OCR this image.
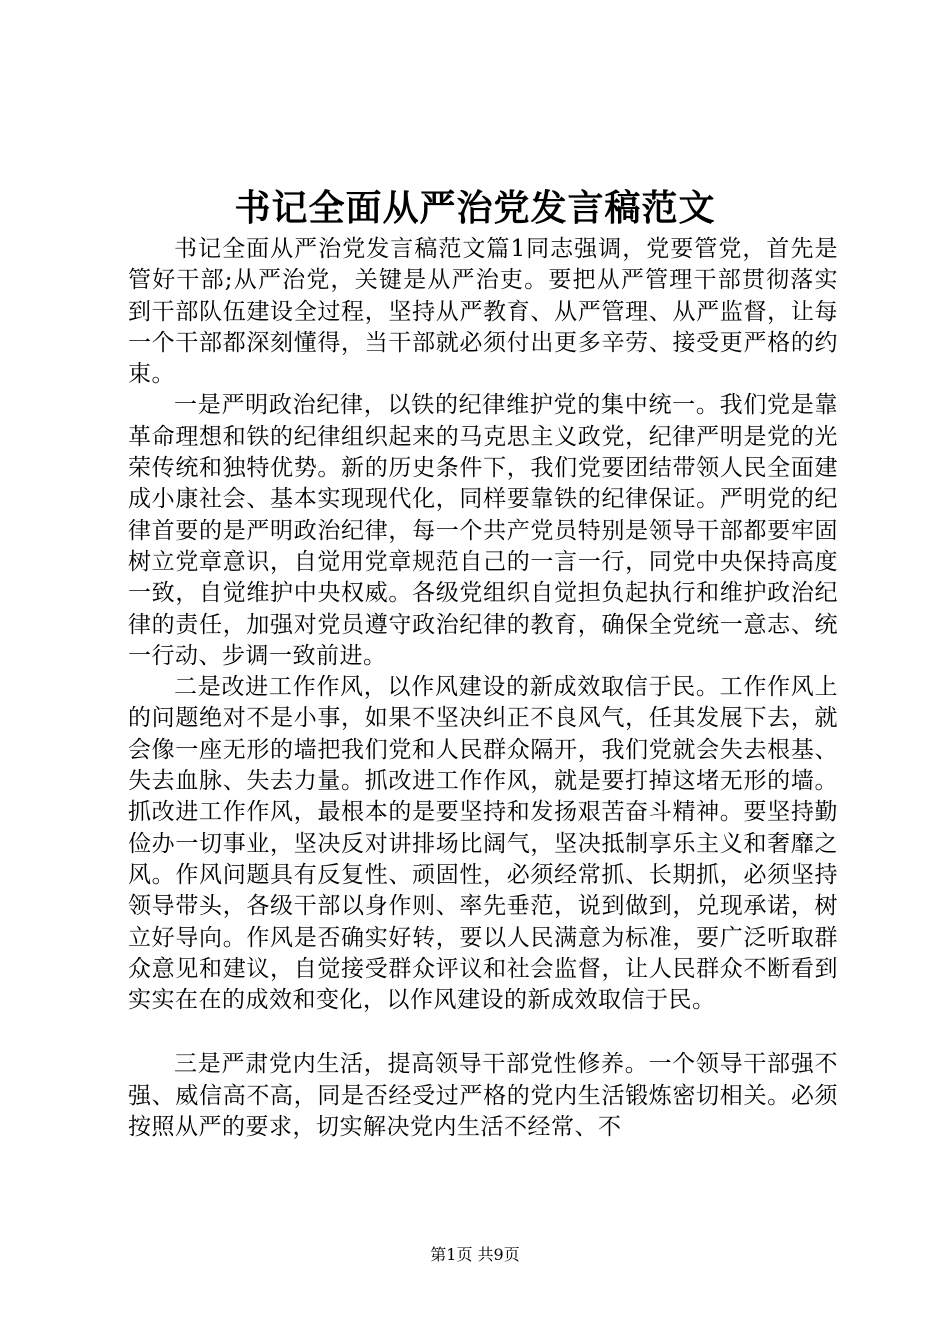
书记全面从严治党发言稿范文

书记全面从严治党发言稿范文篇1同志强调，党要管党，首先是管好干部;从严治党，关键是从严治吏。要把从严管理干部贯彻落实到干部队伍建设全过程，坚持从严教育、从严管理、从严监督，让每一个干部都深刻懂得，当干部就必须付出更多辛劳、接受更严格的约束。

一是严明政治纪律，以铁的纪律维护党的集中统一。我们党是靠革命理想和铁的纪律组织起来的马克思主义政党，纪律严明是党的光荣传统和独特优势。新的历史条件下，我们党要团结带领人民全面建成小康社会、基本实现现代化，同样要靠铁的纪律保证。严明党的纪律首要的是严明政治纪律，每一个共产党员特别是领导干部都要牢固树立党章意识，自觉用党章规范自己的一言一行，同党中央保持高度一致，自觉维护中央权威。各级党组织自觉担负起执行和维护政治纪律的责任，加强对党员遵守政治纪律的教育，确保全党统一意志、统一行动、步调一致前进。

二是改进工作作风，以作风建设的新成效取信于民。工作作风上的问题绝对不是小事，如果不坚决纠正不良风气，任其发展下去，就会像一座无形的墙把我们党和人民群众隔开，我们党就会失去根基、失去血脉、失去力量。抓改进工作作风，就是要打掉这堵无形的墙。抓改进工作作风，最根本的是要坚持和发扬艰苦奋斗精神。要坚持勤俭办一切事业，坚决反对讲排场比阔气，坚决抵制享乐主义和奢靡之风。作风问题具有反复性、顽固性，必须经常抓、长期抓，必须坚持领导带头，各级干部以身作则、率先垂范，说到做到，兑现承诺，树立好导向。作风是否确实好转，要以人民满意为标准，要广泛听取群众意见和建议，自觉接受群众评议和社会监督，让人民群众不断看到实实在在的成效和变化，以作风建设的新成效取信于民。

三是严肃党内生活，提高领导干部党性修养。一个领导干部强不强、威信高不高，同是否经受过严格的党内生活锻炼密切相关。必须按照从严的要求，切实解决党内生活不经常、不

第1页 共9页
